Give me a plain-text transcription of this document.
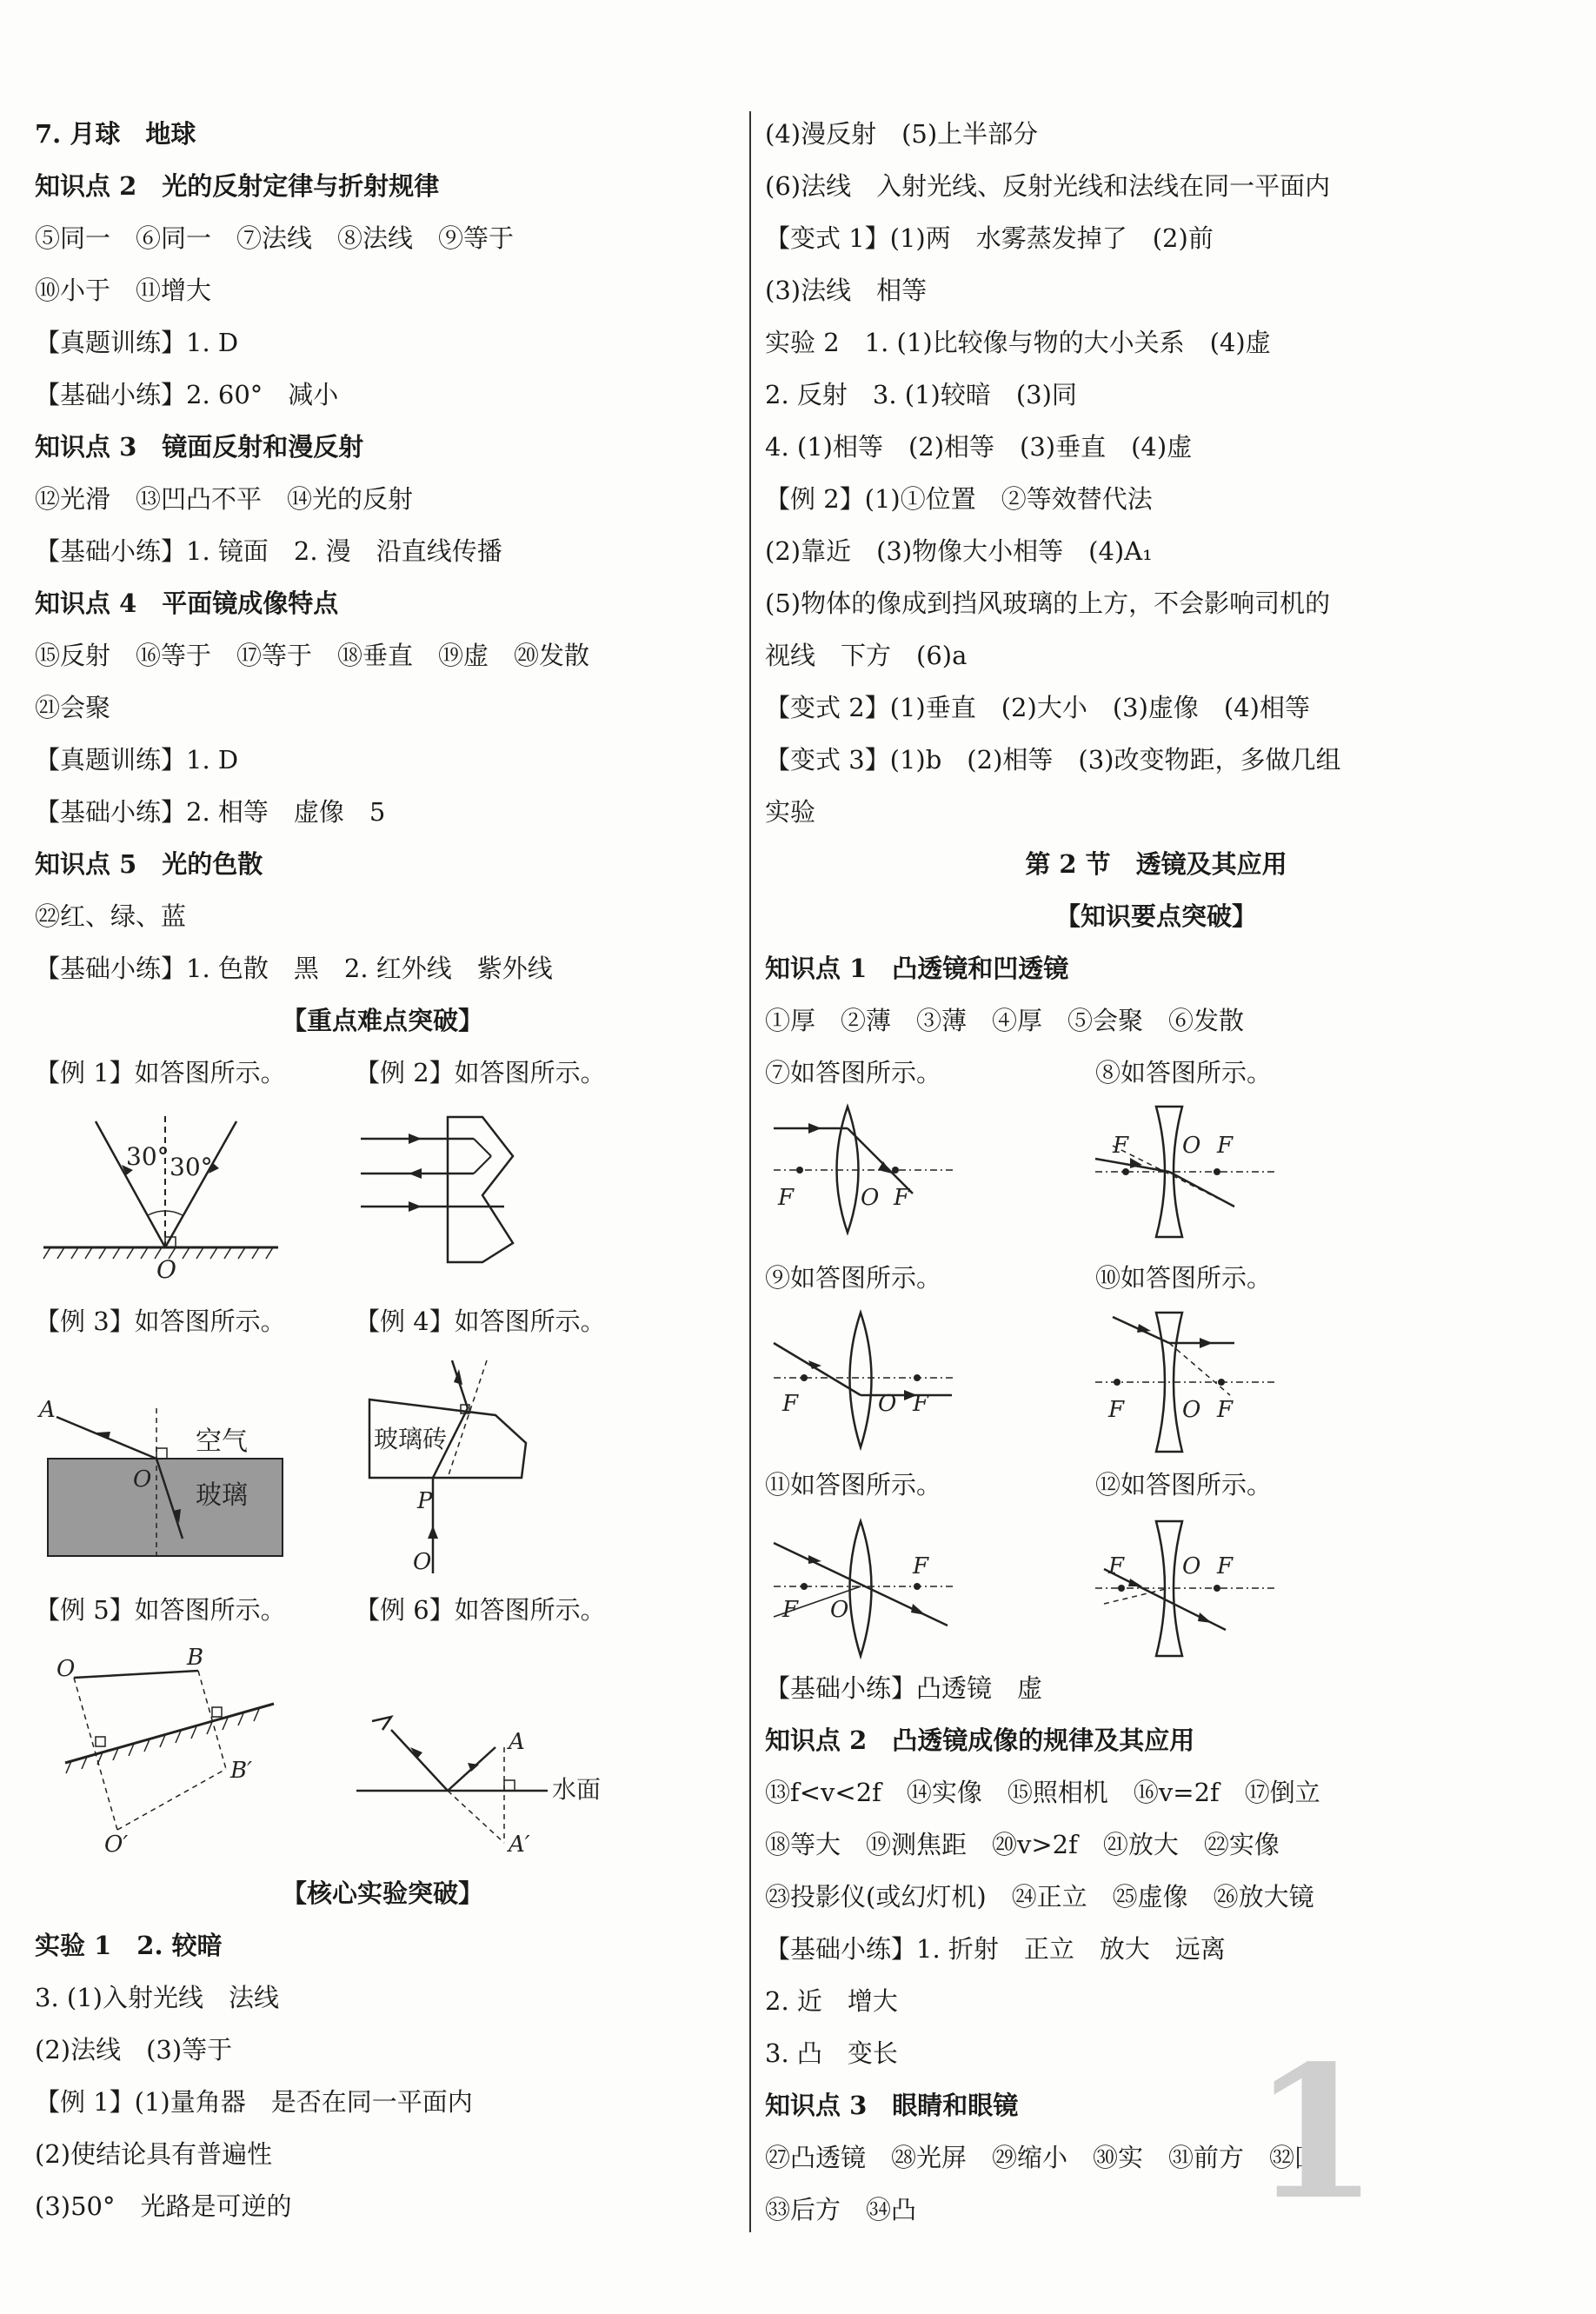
7. 月球　地球
知识点 2　光的反射定律与折射规律
⑤同一　⑥同一　⑦法线　⑧法线　⑨等于
⑩小于　⑪增大
【真题训练】1. D
【基础小练】2. 60°　减小
知识点 3　镜面反射和漫反射
⑫光滑　⑬凹凸不平　⑭光的反射
【基础小练】1. 镜面　2. 漫　沿直线传播
知识点 4　平面镜成像特点
⑮反射　⑯等于　⑰等于　⑱垂直　⑲虚　⑳发散
㉑会聚
【真题训练】1. D
【基础小练】2. 相等　虚像　5
知识点 5　光的色散
㉒红、绿、蓝
【基础小练】1. 色散　黑　2. 红外线　紫外线
【重点难点突破】
【例 1】如答图所示。	【例 2】如答图所示。
【例 3】如答图所示。	【例 4】如答图所示。
【例 5】如答图所示。	【例 6】如答图所示。
【核心实验突破】
实验 1　2. 较暗
3. (1)入射光线　法线
(2)法线　(3)等于
【例 1】(1)量角器　是否在同一平面内
(2)使结论具有普遍性
(3)50°　光路是可逆的
30° 30°
O
A
O
空气
玻璃
玻璃砖
P
O
O	B
B′
O′
A
A′
水面
(4)漫反射　(5)上半部分
(6)法线　入射光线、反射光线和法线在同一平面内
【变式 1】(1)两　水雾蒸发掉了　(2)前
(3)法线　相等
实验 2　1. (1)比较像与物的大小关系　(4)虚
2. 反射　3. (1)较暗　(3)同
4. (1)相等　(2)相等　(3)垂直　(4)虚
【例 2】(1)①位置　②等效替代法
(2)靠近　(3)物像大小相等　(4)A₁
(5)物体的像成到挡风玻璃的上方，不会影响司机的
视线　下方　(6)a
【变式 2】(1)垂直　(2)大小　(3)虚像　(4)相等
【变式 3】(1)b　(2)相等　(3)改变物距，多做几组
实验
第 2 节　透镜及其应用
【知识要点突破】
知识点 1　凸透镜和凹透镜
①厚　②薄　③薄　④厚　⑤会聚　⑥发散
⑦如答图所示。	⑧如答图所示。
⑨如答图所示。	⑩如答图所示。
⑪如答图所示。	⑫如答图所示。
【基础小练】凸透镜　虚
知识点 2　凸透镜成像的规律及其应用
⑬f<v<2f　⑭实像　⑮照相机　⑯v=2f　⑰倒立
⑱等大　⑲测焦距　⑳v>2f　㉑放大　㉒实像
㉓投影仪(或幻灯机)　㉔正立　㉕虚像　㉖放大镜
【基础小练】1. 折射　正立　放大　远离
2. 近　增大
3. 凸　变长
知识点 3　眼睛和眼镜
㉗凸透镜　㉘光屏　㉙缩小　㉚实　㉛前方　㉜凹
㉝后方　㉞凸
F	O F
F O F
F	O F	F	O F
F O
F	F	O F
1
